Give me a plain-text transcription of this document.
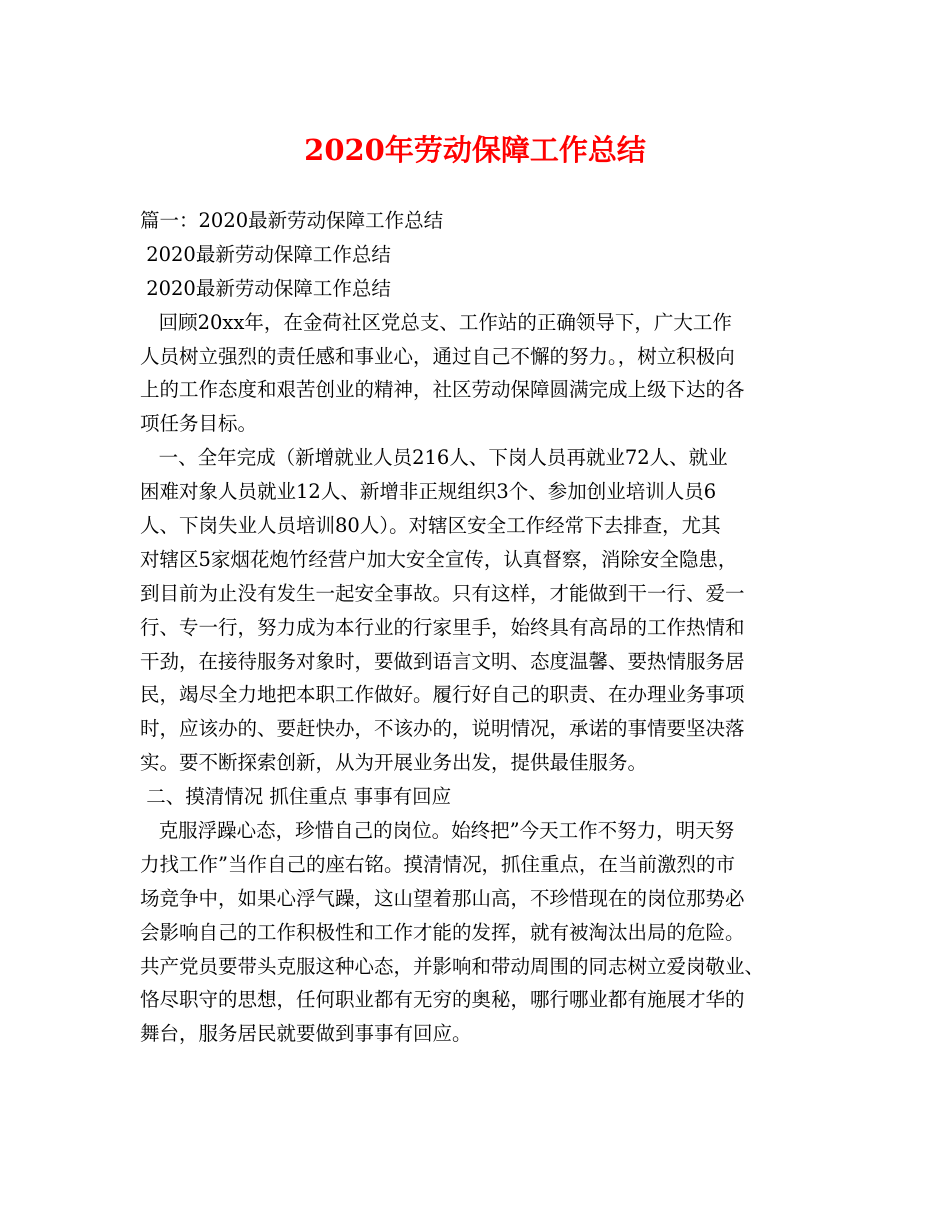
2020年劳动保障工作总结
篇一：2020最新劳动保障工作总结
2020最新劳动保障工作总结
2020最新劳动保障工作总结
回顾20xx年，在金荷社区党总支、工作站的正确领导下，广大工作
人员树立强烈的责任感和事业心，通过自己不懈的努力。，树立积极向
上的工作态度和艰苦创业的精神，社区劳动保障圆满完成上级下达的各
项任务目标。
一、全年完成（新增就业人员216人、下岗人员再就业72人、就业
困难对象人员就业12人、新增非正规组织3个、参加创业培训人员6
人、下岗失业人员培训80人）。对辖区安全工作经常下去排查，尤其
对辖区5家烟花炮竹经营户加大安全宣传，认真督察，消除安全隐患，
到目前为止没有发生一起安全事故。只有这样，才能做到干一行、爱一
行、专一行，努力成为本行业的行家里手，始终具有高昂的工作热情和
干劲，在接待服务对象时，要做到语言文明、态度温馨、要热情服务居
民，竭尽全力地把本职工作做好。履行好自己的职责、在办理业务事项
时，应该办的、要赶快办，不该办的，说明情况，承诺的事情要坚决落
实。要不断探索创新，从为开展业务出发，提供最佳服务。
二、摸清情况 抓住重点 事事有回应
克服浮躁心态，珍惜自己的岗位。始终把”今天工作不努力，明天努
力找工作”当作自己的座右铭。摸清情况，抓住重点，在当前激烈的市
场竞争中，如果心浮气躁，这山望着那山高，不珍惜现在的岗位那势必
会影响自己的工作积极性和工作才能的发挥，就有被淘汰出局的危险。
共产党员要带头克服这种心态，并影响和带动周围的同志树立爱岗敬业、
恪尽职守的思想，任何职业都有无穷的奥秘，哪行哪业都有施展才华的
舞台，服务居民就要做到事事有回应。
